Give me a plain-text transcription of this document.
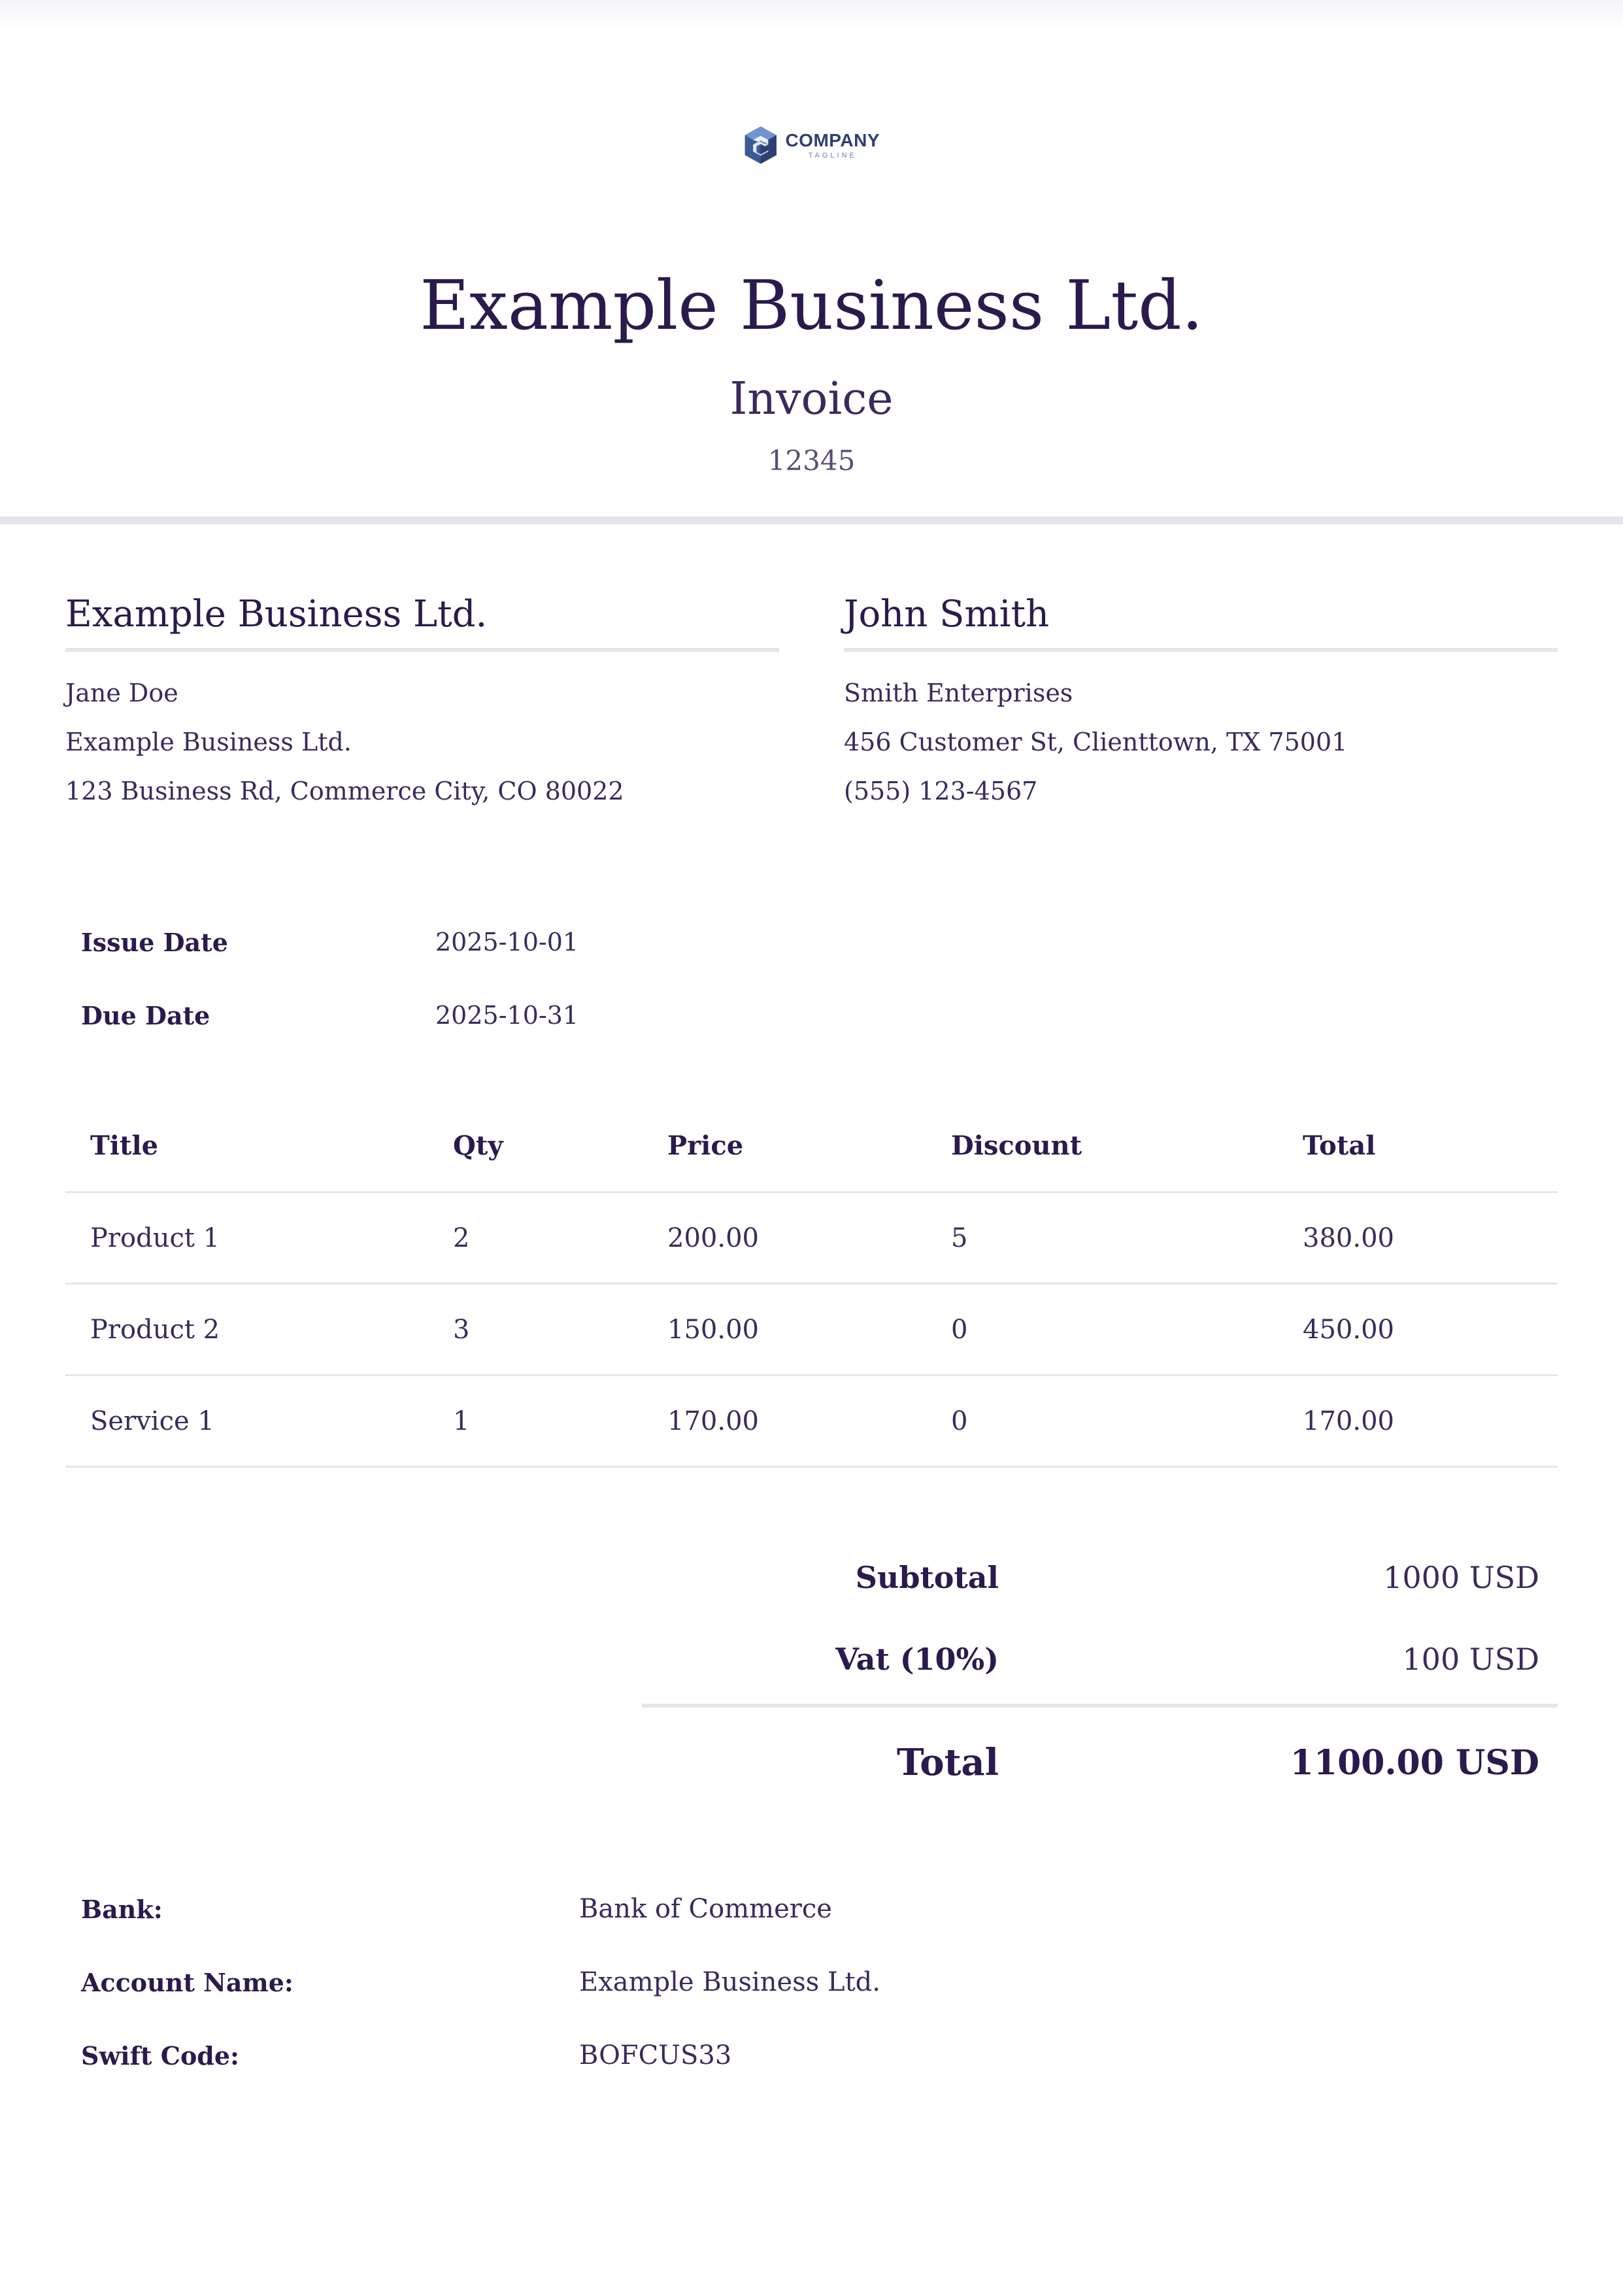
COMPANY
TAGLINE
Example Business Ltd.
Invoice
12345
Example Business Ltd.
Jane Doe
Example Business Ltd.
123 Business Rd, Commerce City, CO 80022
John Smith
Smith Enterprises
456 Customer St, Clienttown, TX 75001
(555) 123-4567
Issue Date	2025-10-01
Due Date	2025-10-31
Title	Qty	Price	Discount	Total
Product 1	2	200.00	5	380.00
Product 2	3	150.00	0	450.00
Service 1	1	170.00	0	170.00
Subtotal	1000 USD
Vat (10%)	100 USD
Total	1100.00 USD
Bank:	Bank of Commerce
Account Name:	Example Business Ltd.
Swift Code:	BOFCUS33
